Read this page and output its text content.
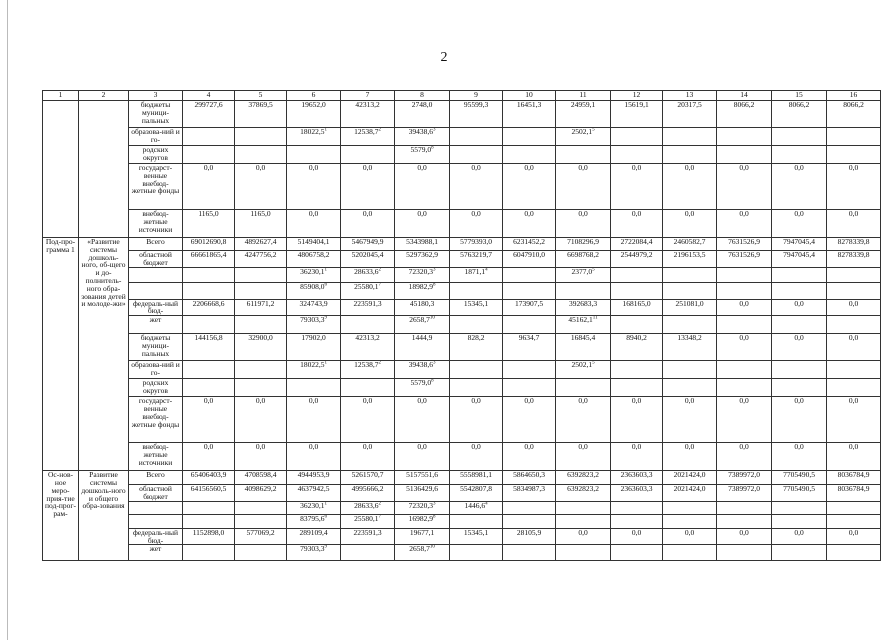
2
1	2	3	4	5	6	7	8	9	10	11	12	13	14	15	16
		бюджеты муници-пальных	299727,6	37869,5	19652,0	42313,2	2748,0	95599,3	16451,3	24959,1	15619,1	20317,5	8066,2	8066,2	8066,2
		образова-ний и го-			18022,5$^1$	12538,7$^2$	39438,6$^3$			2502,1$^5$					
		родских округов					5579,0$^8$								
		государст-венные внебюд-жетные фонды	0,0	0,0	0,0	0,0	0,0	0,0	0,0	0,0	0,0	0,0	0,0	0,0	0,0
		внебюд-жетные источники	1165,0	1165,0	0,0	0,0	0,0	0,0	0,0	0,0	0,0	0,0	0,0	0,0	0,0
Под-про-грамма 1	«Развитие системы дошколь-ного, об-щего и до-полнитель-ного обра-зования детей и молоде-жи»	Всего	69012690,8	4892627,4	5149404,1	5467949,9	5343988,1	5779393,0	6231452,2	7108296,9	2722084,4	2460582,7	7631526,9	7947045,4	8278339,8
		областной бюджет	66661865,4	4247756,2	4806758,2	5202045,4	5297362,9	5763219,7	6047910,0	6698768,2	2544979,2	2196153,5	7631526,9	7947045,4	8278339,8
					36230,1$^1$	28633,6$^2$	72320,3$^3$	1871,1$^4$		2377,0$^5$					
					85908,0$^6$	25580,1$^7$	18982,9$^8$								
		федераль-ный бюд-	2206668,6	611971,2	324743,9	223591,3	45180,3	15345,1	173907,5	392683,3	168165,0	251081,0	0,0	0,0	0,0
		жет			79303,3$^9$		2658,7$^{10}$			45162,1$^{11}$					
		бюджеты муници-пальных	144156,8	32900,0	17902,0	42313,2	1444,9	828,2	9634,7	16845,4	8940,2	13348,2	0,0	0,0	0,0
		образова-ний и го-			18022,5$^1$	12538,7$^2$	39438,6$^3$			2502,1$^5$					
		родских округов					5579,0$^8$								
		государст-венные внебюд-жетные фонды	0,0	0,0	0,0	0,0	0,0	0,0	0,0	0,0	0,0	0,0	0,0	0,0	0,0
		внебюд-жетные источники	0,0	0,0	0,0	0,0	0,0	0,0	0,0	0,0	0,0	0,0	0,0	0,0	0,0
Ос-нов-ное меро-прия-тие под-прог-рам-	Развитие системы дошколь-ного и общего обра-зования	Всего	65406403,9	4708598,4	4944953,9	5261570,7	5157551,6	5558981,1	5864650,3	6392823,2	2363603,3	2021424,0	7389972,0	7705490,5	8036784,9
		областной бюджет	64156560,5	4098629,2	4637942,5	4995666,2	5136429,6	5542807,8	5834987,3	6392823,2	2363603,3	2021424,0	7389972,0	7705490,5	8036784,9
					36230,1$^1$	28633,6$^2$	72320,3$^3$	1446,6$^4$							
					83795,6$^6$	25580,1$^7$	16982,9$^8$								
		федераль-ный бюд-	1152898,0	577069,2	289109,4	223591,3	19677,1	15345,1	28105,9	0,0	0,0	0,0	0,0	0,0	0,0
		жет			79303,3$^9$		2658,7$^{10}$								
